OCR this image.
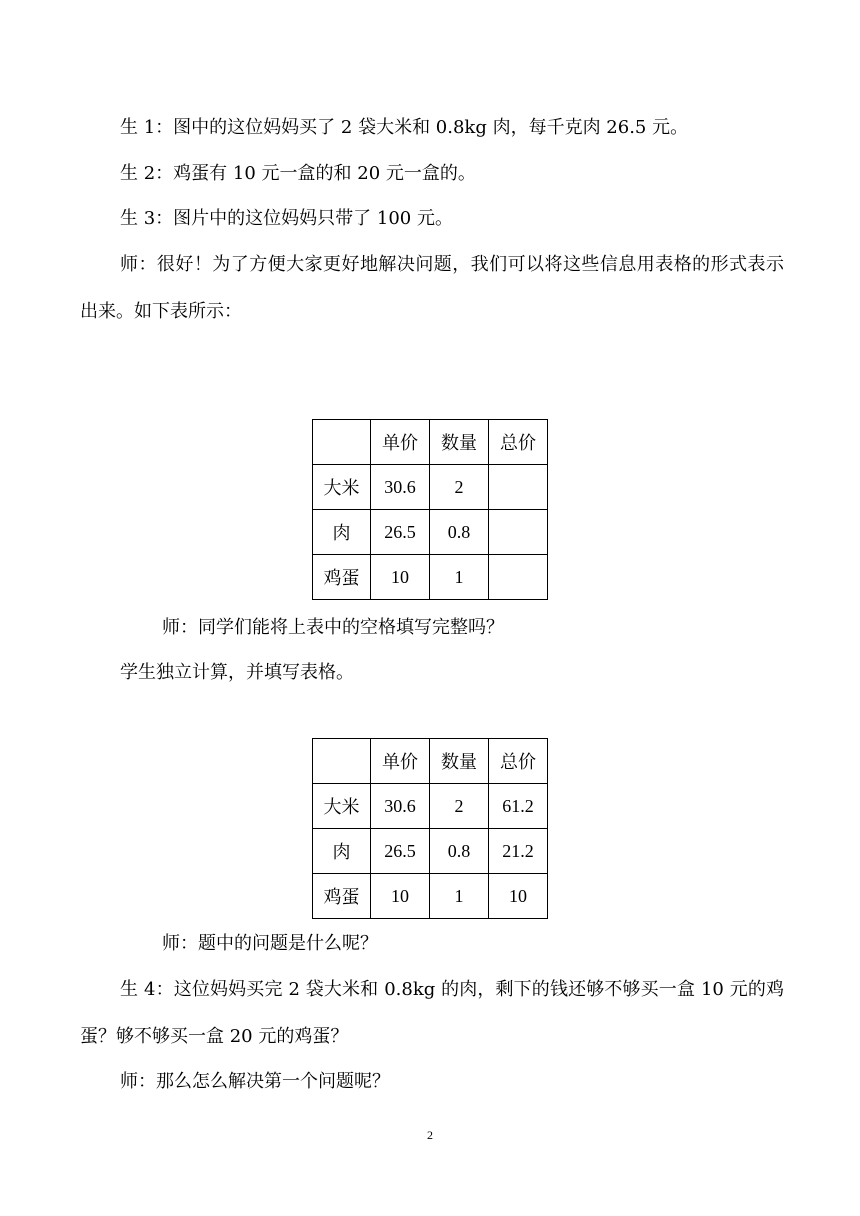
生 1：图中的这位妈妈买了 2 袋大米和 0.8kg 肉，每千克肉 26.5 元。
生 2：鸡蛋有 10 元一盒的和 20 元一盒的。
生 3：图片中的这位妈妈只带了 100 元。
师：很好！为了方便大家更好地解决问题，我们可以将这些信息用表格的形式表示出来。如下表所示：
	单价	数量	总价
大米	30.6	2	
肉	26.5	0.8	
鸡蛋	10	1	
师：同学们能将上表中的空格填写完整吗？
学生独立计算，并填写表格。
	单价	数量	总价
大米	30.6	2	61.2
肉	26.5	0.8	21.2
鸡蛋	10	1	10
师：题中的问题是什么呢？
生 4：这位妈妈买完 2 袋大米和 0.8kg 的肉，剩下的钱还够不够买一盒 10 元的鸡蛋？够不够买一盒 20 元的鸡蛋？
师：那么怎么解决第一个问题呢？
2
